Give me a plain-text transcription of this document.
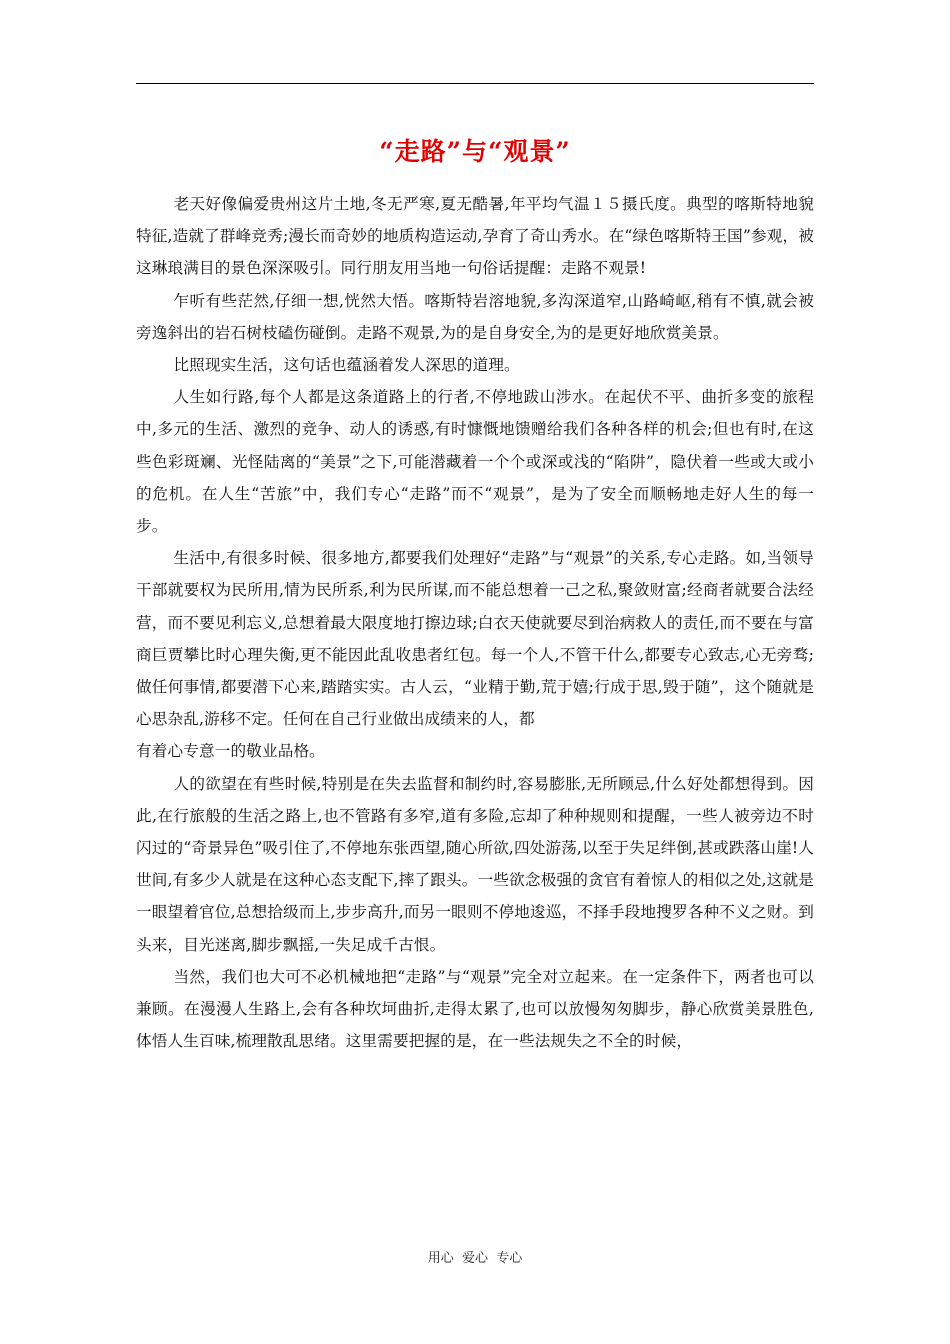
“走路”与“观景”

老天好像偏爱贵州这片土地,冬无严寒,夏无酷暑,年平均气温１５摄氏度。典型的喀斯特地貌特征,造就了群峰竞秀;漫长而奇妙的地质构造运动,孕育了奇山秀水。在“绿色喀斯特王国”参观，被这琳琅满目的景色深深吸引。同行朋友用当地一句俗话提醒：走路不观景!

乍听有些茫然,仔细一想,恍然大悟。喀斯特岩溶地貌,多沟深道窄,山路崎岖,稍有不慎,就会被旁逸斜出的岩石树枝磕伤碰倒。走路不观景,为的是自身安全,为的是更好地欣赏美景。

比照现实生活，这句话也蕴涵着发人深思的道理。

人生如行路,每个人都是这条道路上的行者,不停地跋山涉水。在起伏不平、曲折多变的旅程中,多元的生活、激烈的竞争、动人的诱惑,有时慷慨地馈赠给我们各种各样的机会;但也有时,在这些色彩斑斓、光怪陆离的“美景”之下,可能潜藏着一个个或深或浅的“陷阱”，隐伏着一些或大或小的危机。在人生“苦旅”中，我们专心“走路”而不“观景”，是为了安全而顺畅地走好人生的每一步。

生活中,有很多时候、很多地方,都要我们处理好“走路”与“观景”的关系,专心走路。如,当领导干部就要权为民所用,情为民所系,利为民所谋,而不能总想着一己之私,聚敛财富;经商者就要合法经营，而不要见利忘义,总想着最大限度地打擦边球;白衣天使就要尽到治病救人的责任,而不要在与富商巨贾攀比时心理失衡,更不能因此乱收患者红包。每一个人,不管干什么,都要专心致志,心无旁骛;做任何事情,都要潜下心来,踏踏实实。古人云，“业精于勤,荒于嬉;行成于思,毁于随”，这个随就是心思杂乱,游移不定。任何在自己行业做出成绩来的人，都

有着心专意一的敬业品格。

人的欲望在有些时候,特别是在失去监督和制约时,容易膨胀,无所顾忌,什么好处都想得到。因此,在行旅般的生活之路上,也不管路有多窄,道有多险,忘却了种种规则和提醒，一些人被旁边不时闪过的“奇景异色”吸引住了,不停地东张西望,随心所欲,四处游荡,以至于失足绊倒,甚或跌落山崖!人世间,有多少人就是在这种心态支配下,摔了跟头。一些欲念极强的贪官有着惊人的相似之处,这就是一眼望着官位,总想拾级而上,步步高升,而另一眼则不停地逡巡，不择手段地搜罗各种不义之财。到头来，目光迷离,脚步飘摇,一失足成千古恨。

当然，我们也大可不必机械地把“走路”与“观景”完全对立起来。在一定条件下，两者也可以兼顾。在漫漫人生路上,会有各种坎坷曲折,走得太累了,也可以放慢匆匆脚步，静心欣赏美景胜色,体悟人生百味,梳理散乱思绪。这里需要把握的是，在一些法规失之不全的时候，

用心  爱心  专心
